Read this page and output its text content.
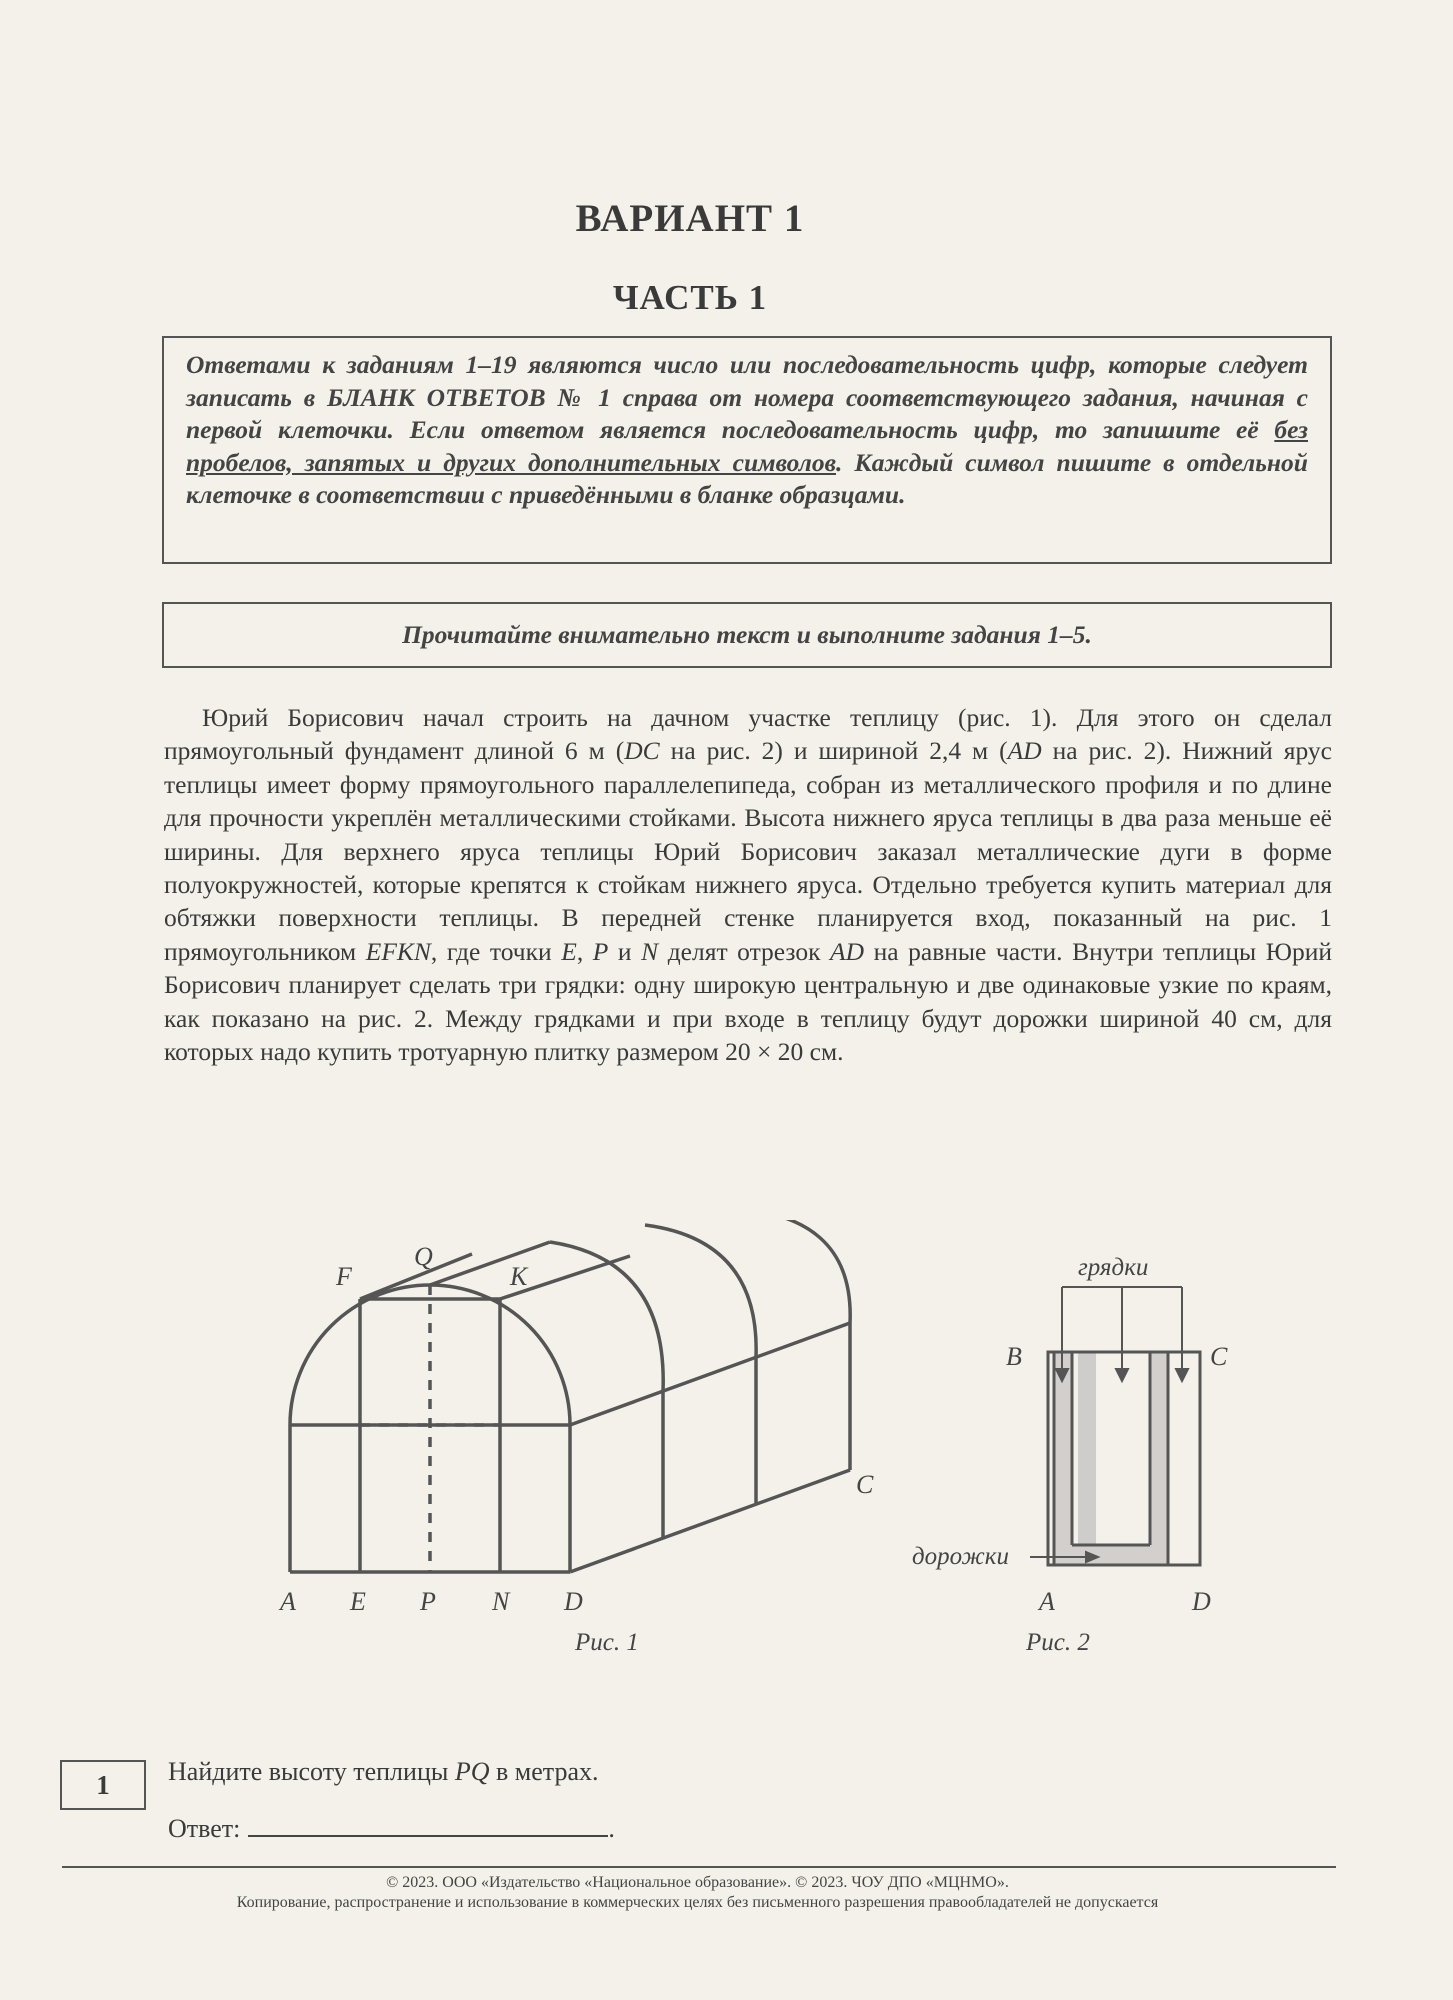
ВАРИАНТ 1
ЧАСТЬ 1
Ответами к заданиям 1–19 являются число или последовательность цифр, которые следует записать в БЛАНК ОТВЕТОВ № 1 справа от номера соответствующего задания, начиная с первой клеточки. Если ответом является последовательность цифр, то запишите её без пробелов, запятых и других дополнительных символов. Каждый символ пишите в отдельной клеточке в соответствии с приведёнными в бланке образцами.
Прочитайте внимательно текст и выполните задания 1–5.

Юрий Борисович начал строить на дачном участке теплицу (рис. 1). Для этого он сделал прямоугольный фундамент длиной 6 м (DC на рис. 2) и шириной 2,4 м (AD на рис. 2). Нижний ярус теплицы имеет форму прямоугольного параллелепипеда, собран из металлического профиля и по длине для прочности укреплён металлическими стойками. Высота нижнего яруса теплицы в два раза меньше её ширины. Для верхнего яруса теплицы Юрий Борисович заказал металлические дуги в форме полуокружностей, которые крепятся к стойкам нижнего яруса. Отдельно требуется купить материал для обтяжки поверхности теплицы. В передней стенке планируется вход, показанный на рис. 1 прямоугольником EFKN, где точки E, P и N делят отрезок AD на равные части. Внутри теплицы Юрий Борисович планирует сделать три грядки: одну широкую центральную и две одинаковые узкие по краям, как показано на рис. 2. Между грядками и при входе в теплицу будут дорожки шириной 40 см, для которых надо купить тротуарную плитку размером 20 × 20 см.

A E P N D
F
Q
K
C
Рис. 1
грядки
B	C
дорожки
A	D
Рис. 2
1	Найдите высоту теплицы PQ в метрах.
Ответ:	.
© 2023. ООО «Издательство «Национальное образование». © 2023. ЧОУ ДПО «МЦНМО».
Копирование, распространение и использование в коммерческих целях без письменного разрешения правообладателей не допускается
